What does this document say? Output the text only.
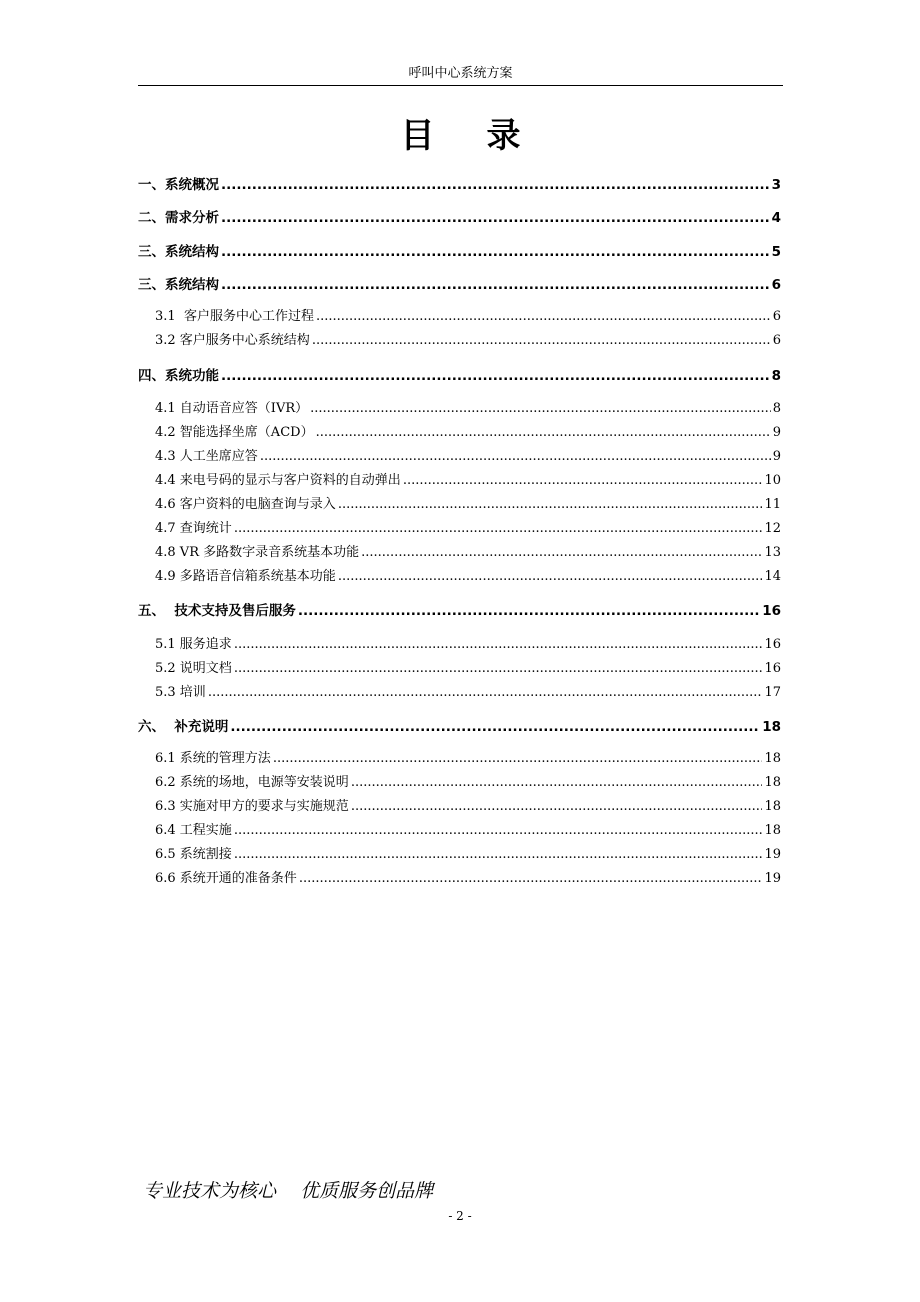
呼叫中心系统方案
目 录
一、系统概况 .....	3
二、需求分析 .....	4
三、系统结构 .....	5
三、系统结构 .....	6
3.1  客户服务中心工作过程 .....	6
3.2 客户服务中心系统结构 .....	6
四、系统功能 .....	8
4.1 自动语音应答（IVR） .....	8
4.2 智能选择坐席（ACD） .....	9
4.3 人工坐席应答 .....	9
4.4 来电号码的显示与客户资料的自动弹出 .....	10
4.6 客户资料的电脑查询与录入 .....	11
4.7 查询统计 .....	12
4.8 VR 多路数字录音系统基本功能 .....	13
4.9 多路语音信箱系统基本功能 .....	14
五、  技术支持及售后服务 .....	16
5.1 服务追求 .....	16
5.2 说明文档 .....	16
5.3 培训 .....	17
六、  补充说明 .....	18
6.1 系统的管理方法 .....	18
6.2 系统的场地，电源等安装说明 .....	18
6.3 实施对甲方的要求与实施规范 .....	18
6.4 工程实施 .....	18
6.5 系统割接 .....	19
6.6 系统开通的准备条件 .....	19
专业技术为核心    优质服务创品牌
- 2 -
